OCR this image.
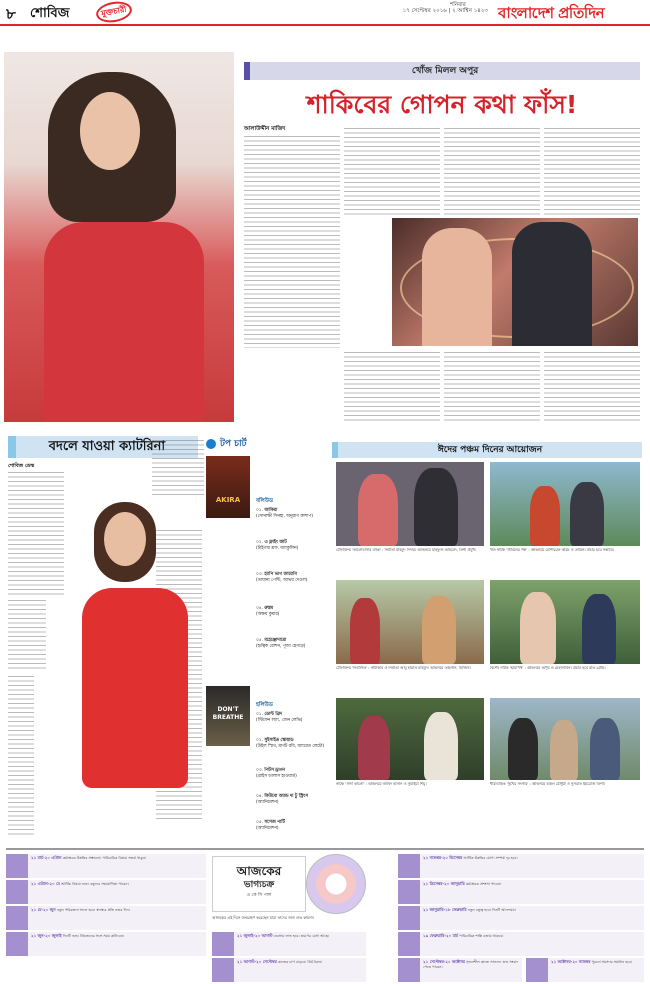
৮ শোবিজ	মুক্তচারী	শনিবার
১৭ সেপ্টেম্বর ২০১৬ | ২ আশ্বিন ১৪২৩ বাংলাদেশ প্রতিদিন
খোঁজ মিলল অপুর
শাকিবের গোপন কথা ফাঁস!
আলাউদ্দীন মাজিদ
বদলে যাওয়া ক্যাটরিনা
শোবিজ ডেস্ক
টপ চার্ট
AKIRA	বলিউড
০১. আকিরা
(সোনাক্ষী সিনহা, অনুরাগ কাশ্যপ)
০২. এ ফ্লাইং জাট
(টাইগার শ্রফ, জ্যাকুলিন)
০৩. হ্যাপি ভাগ জায়েগি
(ডায়ানা পেন্টি, আভয় দেওল)
০৪. রুস্তম
(অক্ষয় কুমার)
০৫. মহেঞ্জোদারো
(হৃত্বিক রোশন, পূজা হেগড়ে)
DON'T BREATHE
হলিউড
০১. ডোন্ট ব্রিদ
(স্টিফেন ল্যাং, জেন লেভি)
০২. সুইসাইড স্কোয়াড
(উইল স্মিথ, মার্গট রবি, জ্যারেড লেটো)
০৩. পিটস ড্রাগন
(ব্রাইস ডালাস হাওয়ার্ড)
০৪. কিউবো অ্যান্ড দ্য টু স্ট্রিংস
(অ্যানিমেশন)
০৫. সসেজ পার্টি
(অ্যানিমেশন)
ঈদের পঞ্চম দিনের আয়োজন
টেলিফিল্ম 'ভালোবাসার বসন্ত' : নির্মাতা মাহমুদ দিদার। অভিনয়ে মাহফুজ আহমেদ, তিশা প্রমুখ।	খণ্ড নাটক 'জীবনের গল্প' : অভিনয়ে মোশাররফ করিম ও তারিন। প্রচার হবে সন্ধ্যায়।
টেলিফিল্ম 'নির্বাসিত' : নাট্যকার ও নির্মাতা আবু হায়াত মাহমুদ। অভিনয়ে তাহসান, মিথিলা।	বিশেষ নাটক 'ছায়াপথ' : অভিনয়ে অপূর্ব ও মেহজাবিন। প্রচার হবে রাত ৯টায়।
নাটক 'সাদা কালো' : অভিনয়ে জাহিদ হাসান ও সুমাইয়া শিমু।	ধারাবাহিক 'সুখের সংসার' : অভিনয়ে চঞ্চল চৌধুরী ও নুসরাত ইমরোজ তিশা।
মেষ	২১ মার্চ-২০ এপ্রিল কর্মক্ষেত্রে উন্নতির সম্ভাবনা। পারিবারিক বিষয়ে সতর্ক থাকুন।
বৃষ	২১ এপ্রিল-২০ মে আর্থিক বিষয়ে শুভ। বন্ধুদের সহযোগিতা পাবেন।
মিথুন	২১ মে-২০ জুন নতুন পরিকল্পনা সফল হবে। স্বাস্থ্যের প্রতি নজর দিন।
কর্কট	২১ জুন-২০ জুলাই দিনটি শুভ। প্রিয়জনের সঙ্গে সময় কাটাবেন।
আজকের
ভাগ্যচক্র
এ কে সি পাল
আজকের এই দিনে জন্মগ্রহণ করেছেন যারা তাদের জন্য শুভ কামনা।
সিংহ	২১ জুলাই-২০ আগস্ট ব্যবসায় লাভ হবে। ভ্রমণের যোগ আছে।
কন্যা	২১ আগস্ট-২০ সেপ্টেম্বর কাজের চাপ বাড়বে। ধৈর্য ধরুন।
ধনু	২১ নভেম্বর-২০ ডিসেম্বর আর্থিক উন্নতির যোগ। সম্পর্ক দৃঢ় হবে।
মকর	২১ ডিসেম্বর-২০ জানুয়ারি কর্মক্ষেত্রে প্রশংসা পাবেন।
কুম্ভ	২১ জানুয়ারি-১৮ ফেব্রুয়ারি নতুন বন্ধুত্ব হবে। দিনটি আনন্দময়।
মীন	১৯ ফেব্রুয়ারি-২০ মার্চ পারিবারিক শান্তি বজায় থাকবে।
তুলা	২১ সেপ্টেম্বর-২০ অক্টোবর সৃজনশীল কাজে সাফল্য। শুভ সংবাদ পেতে পারেন।
বৃশ্চিক	২১ অক্টোবর-২০ নভেম্বর পুরনো সমস্যার সমাধান হবে।
